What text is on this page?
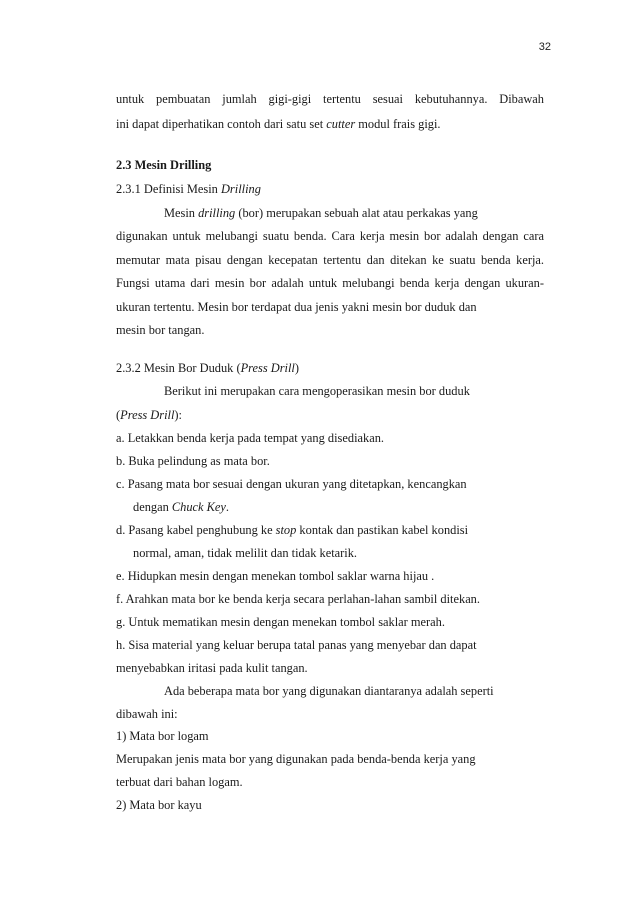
32
untuk pembuatan jumlah gigi-gigi tertentu sesuai kebutuhannya. Dibawah
ini dapat diperhatikan contoh dari satu set cutter modul frais gigi.
2.3 Mesin Drilling
2.3.1 Definisi Mesin Drilling
Mesin drilling (bor) merupakan sebuah alat atau perkakas yang
digunakan untuk melubangi suatu benda. Cara kerja mesin bor adalah dengan cara
memutar mata pisau dengan kecepatan tertentu dan ditekan ke suatu benda kerja.
Fungsi utama dari mesin bor adalah untuk melubangi benda kerja dengan ukuran-
ukuran tertentu. Mesin bor terdapat dua jenis yakni mesin bor duduk dan
mesin bor tangan.
2.3.2 Mesin Bor Duduk (Press Drill)
Berikut ini merupakan cara mengoperasikan mesin bor duduk
(Press Drill):
a. Letakkan benda kerja pada tempat yang disediakan.
b. Buka pelindung as mata bor.
c. Pasang mata bor sesuai dengan ukuran yang ditetapkan, kencangkan
dengan Chuck Key.
d. Pasang kabel penghubung ke stop kontak dan pastikan kabel kondisi
normal, aman, tidak melilit dan tidak ketarik.
e. Hidupkan mesin dengan menekan tombol saklar warna hijau .
f. Arahkan mata bor ke benda kerja secara perlahan-lahan sambil ditekan.
g. Untuk mematikan mesin dengan menekan tombol saklar merah.
h. Sisa material yang keluar berupa tatal panas yang menyebar dan dapat
menyebabkan iritasi pada kulit tangan.
Ada beberapa mata bor yang digunakan diantaranya adalah seperti
dibawah ini:
1) Mata bor logam
Merupakan jenis mata bor yang digunakan pada benda-benda kerja yang
terbuat dari bahan logam.
2) Mata bor kayu
